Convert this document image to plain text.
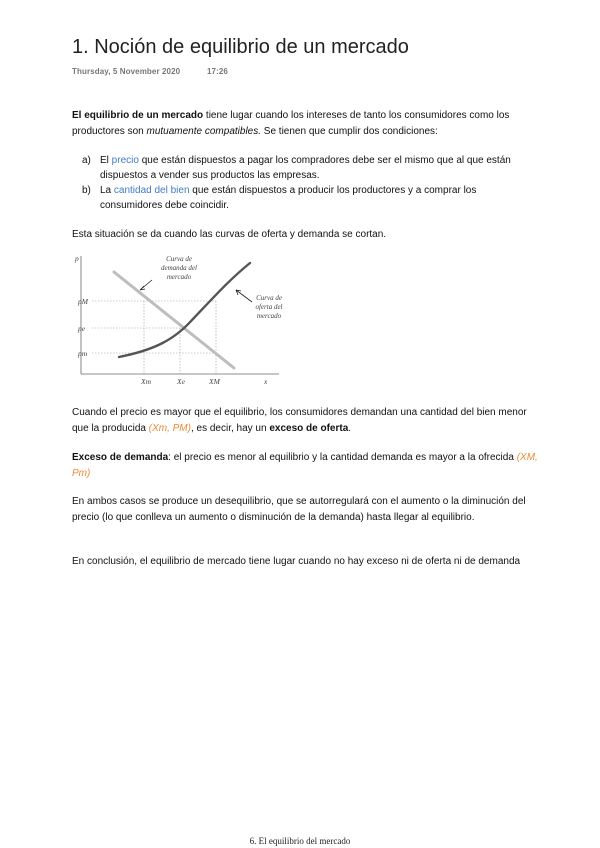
1. Noción de equilibrio de un mercado
Thursday, 5 November 2020	17:26
El equilibrio de un mercado tiene lugar cuando los intereses de tanto los consumidores como los productores son mutuamente compatibles. Se tienen que cumplir dos condiciones:
a) El precio que están dispuestos a pagar los compradores debe ser el mismo que al que están dispuestos a vender sus productos las empresas.
b) La cantidad del bien que están dispuestos a producir los productores y a comprar los consumidores debe coincidir.
Esta situación se da cuando las curvas de oferta y demanda se cortan.
p
x
pM
pe
pm
Xm	Xe	XM
Curva de
demanda del
mercado
Curva de
oferta del
mercado
Cuando el precio es mayor que el equilibrio, los consumidores demandan una cantidad del bien menor que la producida (Xm, PM), es decir, hay un exceso de oferta.
Exceso de demanda: el precio es menor al equilibrio y la cantidad demanda es mayor a la ofrecida (XM, Pm)
En ambos casos se produce un desequilibrio, que se autorregulará con el aumento o la diminución del precio (lo que conlleva un aumento o disminución de la demanda) hasta llegar al equilibrio.
En conclusión, el equilibrio de mercado tiene lugar cuando no hay exceso ni de oferta ni de demanda
6. El equilibrio del mercado
